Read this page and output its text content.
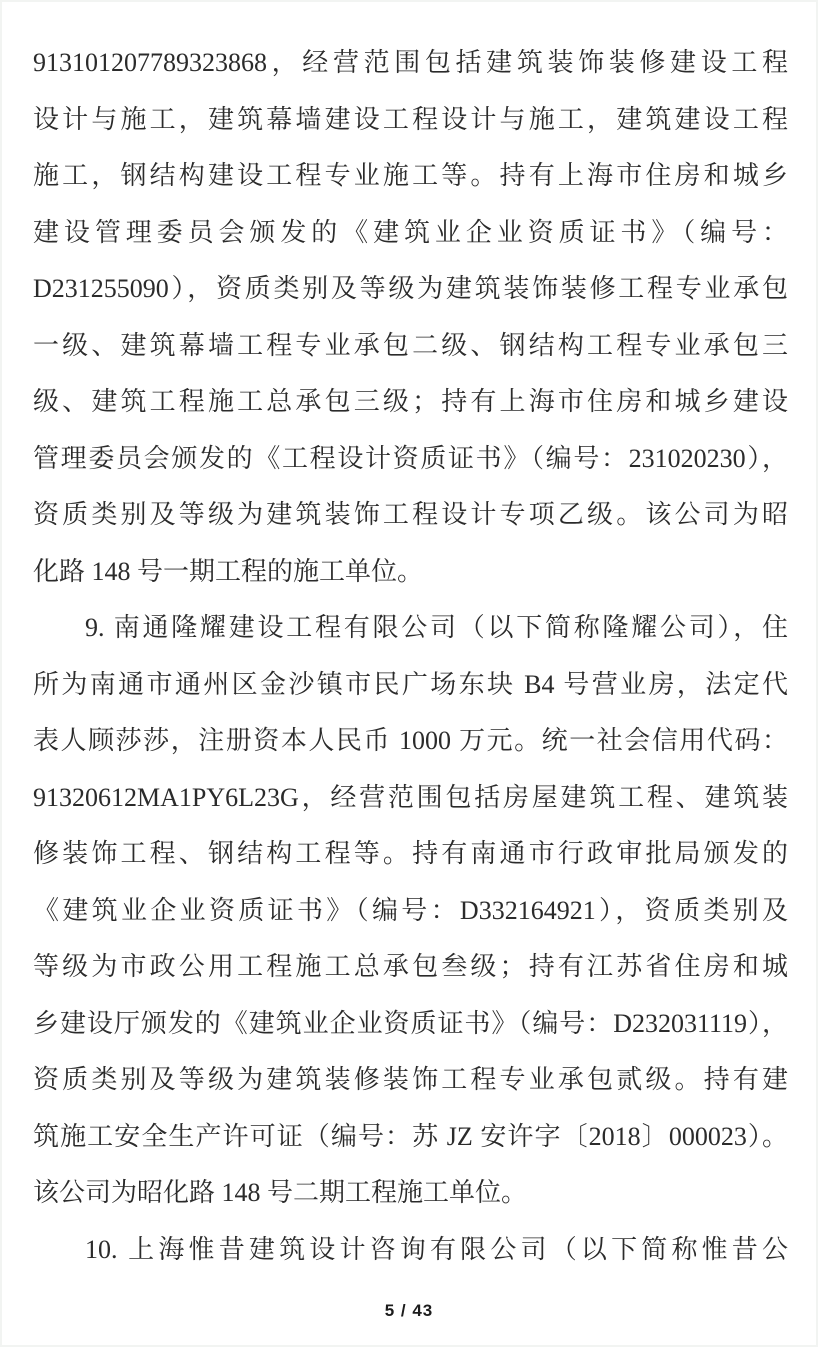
913101207789323868，经营范围包括建筑装饰装修建设工程
设计与施工，建筑幕墙建设工程设计与施工，建筑建设工程
施工，钢结构建设工程专业施工等。持有上海市住房和城乡
建设管理委员会颁发的《建筑业企业资质证书》（编号：
D231255090），资质类别及等级为建筑装饰装修工程专业承包
一级、建筑幕墙工程专业承包二级、钢结构工程专业承包三
级、建筑工程施工总承包三级；持有上海市住房和城乡建设
管理委员会颁发的《工程设计资质证书》（编号：231020230），
资质类别及等级为建筑装饰工程设计专项乙级。该公司为昭
化路 148 号一期工程的施工单位。
9. 南通隆耀建设工程有限公司（以下简称隆耀公司），住
所为南通市通州区金沙镇市民广场东块 B4 号营业房，法定代
表人顾莎莎，注册资本人民币 1000 万元。统一社会信用代码：
91320612MA1PY6L23G，经营范围包括房屋建筑工程、建筑装
修装饰工程、钢结构工程等。持有南通市行政审批局颁发的
《建筑业企业资质证书》（编号：D332164921），资质类别及
等级为市政公用工程施工总承包叁级；持有江苏省住房和城
乡建设厅颁发的《建筑业企业资质证书》（编号：D232031119），
资质类别及等级为建筑装修装饰工程专业承包贰级。持有建
筑施工安全生产许可证（编号：苏 JZ 安许字〔2018〕000023）。
该公司为昭化路 148 号二期工程施工单位。
10. 上海惟昔建筑设计咨询有限公司（以下简称惟昔公
5 / 43
